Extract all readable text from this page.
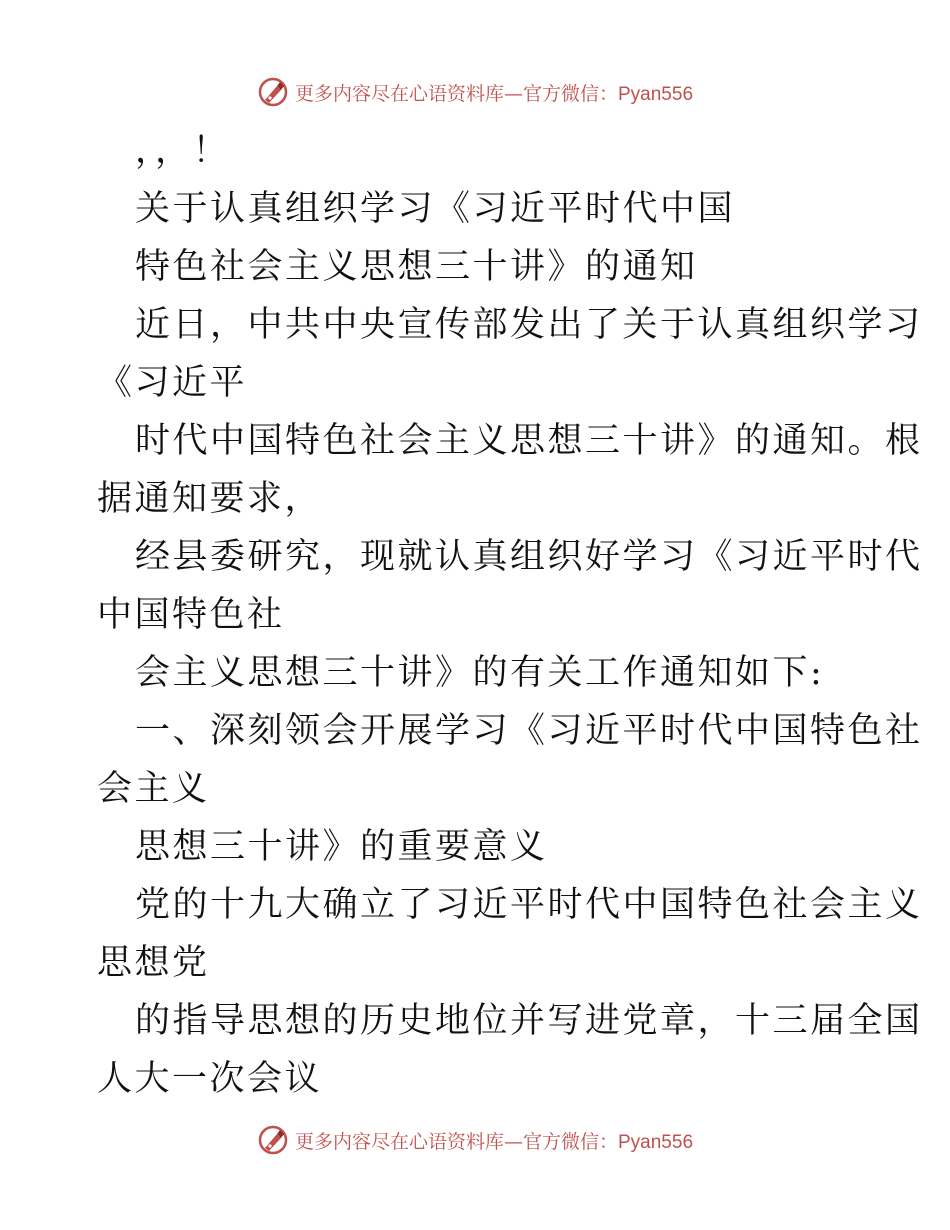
更多内容尽在心语资料库—官方微信：Pyan556
，，！
关于认真组织学习《习近平时代中国
特色社会主义思想三十讲》的通知
近日，中共中央宣传部发出了关于认真组织学习
《习近平
时代中国特色社会主义思想三十讲》的通知。根
据通知要求，
经县委研究，现就认真组织好学习《习近平时代
中国特色社
会主义思想三十讲》的有关工作通知如下:
一、深刻领会开展学习《习近平时代中国特色社
会主义
思想三十讲》的重要意义
党的十九大确立了习近平时代中国特色社会主义
思想党
的指导思想的历史地位并写进党章，十三届全国
人大一次会议
更多内容尽在心语资料库—官方微信：Pyan556
